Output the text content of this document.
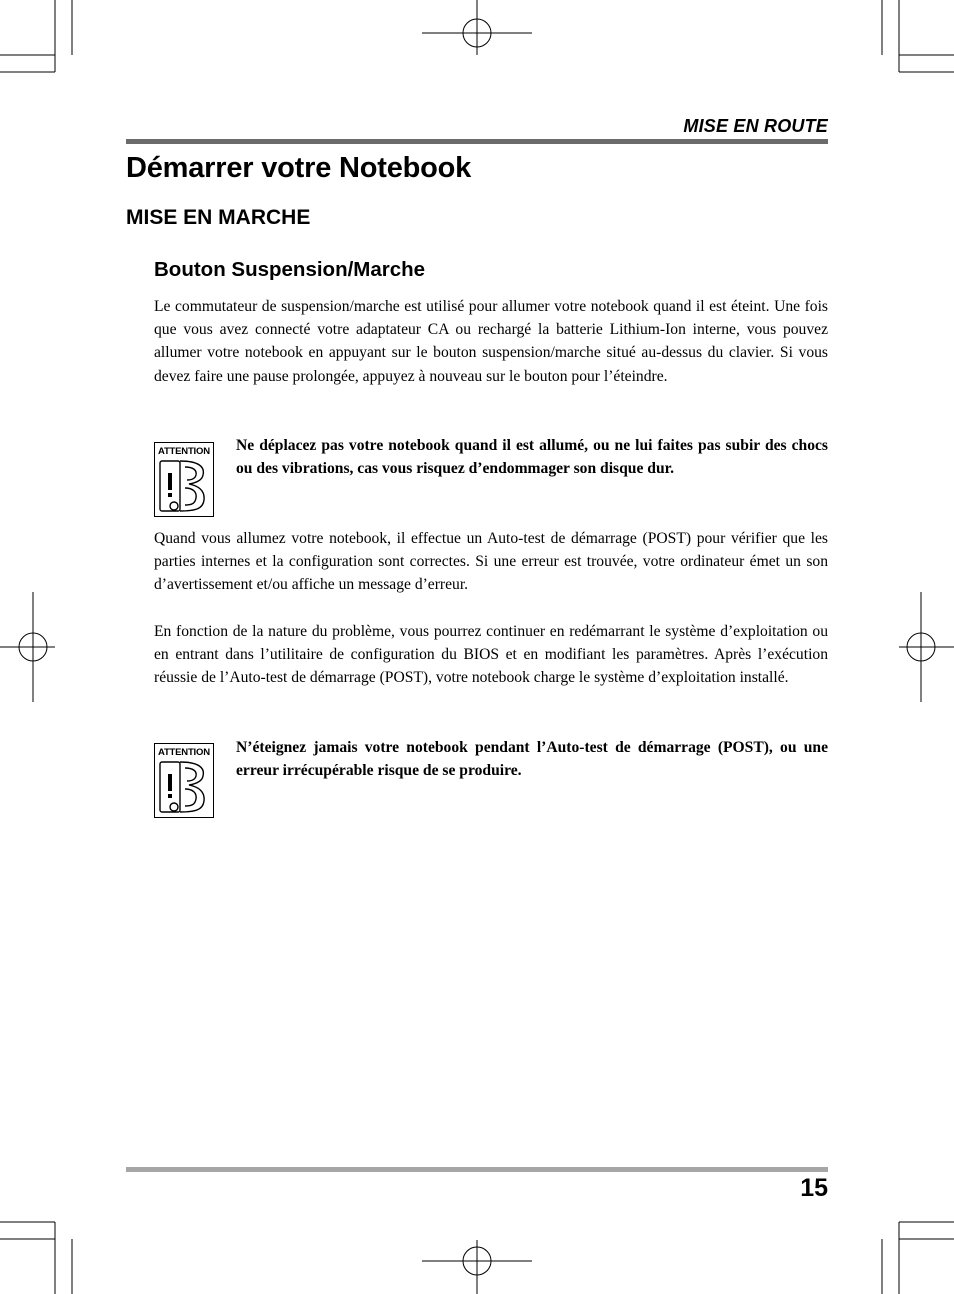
MISE EN ROUTE
Démarrer votre Notebook
MISE EN MARCHE
Bouton Suspension/Marche

Le commutateur de suspension/marche est utilisé pour allumer votre notebook quand il est éteint. Une fois que vous avez connecté votre adaptateur CA ou rechargé la batterie Lithium-Ion interne, vous pouvez allumer votre notebook en appuyant sur le bouton suspension/marche situé au-dessus du clavier. Si vous devez faire une pause prolongée, appuyez à nouveau sur le bouton pour l’éteindre.

ATTENTION Ne déplacez pas votre notebook quand il est allumé, ou ne lui faites pas subir des chocs ou des vibrations, cas vous risquez d’endommager son disque dur.

Quand vous allumez votre notebook, il effectue un Auto-test de démarrage (POST) pour vérifier que les parties internes et la configuration sont correctes. Si une erreur est trouvée, votre ordinateur émet un son d’avertissement et/ou affiche un message d’erreur.

En fonction de la nature du problème, vous pourrez continuer en redémarrant le système d’exploitation ou en entrant dans l’utilitaire de configuration du BIOS et en modifiant les paramètres. Après l’exécution réussie de l’Auto-test de démarrage (POST), votre notebook charge le système d’exploitation installé.

ATTENTION N’éteignez jamais votre notebook pendant l’Auto-test de démarrage (POST), ou une erreur irrécupérable risque de se produire.

15
